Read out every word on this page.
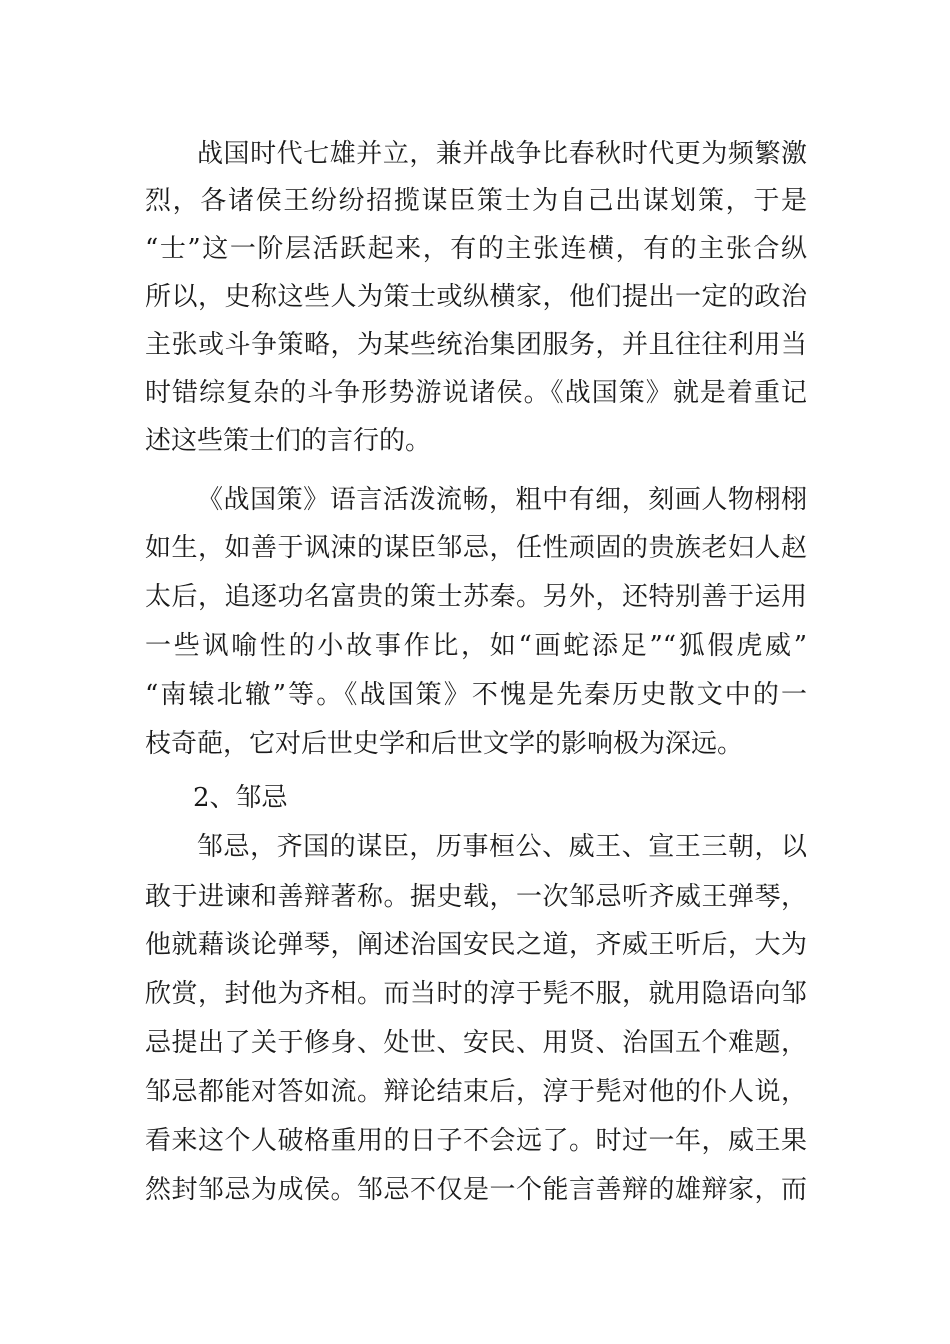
战国时代七雄并立，兼并战争比春秋时代更为频繁激
烈，各诸侯王纷纷招揽谋臣策士为自己出谋划策，于是
“士”这一阶层活跃起来，有的主张连横，有的主张合纵
所以，史称这些人为策士或纵横家，他们提出一定的政治
主张或斗争策略，为某些统治集团服务，并且往往利用当
时错综复杂的斗争形势游说诸侯。《战国策》就是着重记
述这些策士们的言行的。
《战国策》语言活泼流畅，粗中有细，刻画人物栩栩
如生，如善于讽涑的谋臣邹忌，任性顽固的贵族老妇人赵
太后，追逐功名富贵的策士苏秦。另外，还特别善于运用
一些讽喻性的小故事作比，如“画蛇添足”“狐假虎威”
“南辕北辙”等。《战国策》不愧是先秦历史散文中的一
枝奇葩，它对后世史学和后世文学的影响极为深远。
2、邹忌
邹忌，齐国的谋臣，历事桓公、威王、宣王三朝，以
敢于进谏和善辩著称。据史载，一次邹忌听齐威王弹琴，
他就藉谈论弹琴，阐述治国安民之道，齐威王听后，大为
欣赏，封他为齐相。而当时的淳于髡不服，就用隐语向邹
忌提出了关于修身、处世、安民、用贤、治国五个难题，
邹忌都能对答如流。辩论结束后，淳于髡对他的仆人说，
看来这个人破格重用的日子不会远了。时过一年，威王果
然封邹忌为成侯。邹忌不仅是一个能言善辩的雄辩家，而
